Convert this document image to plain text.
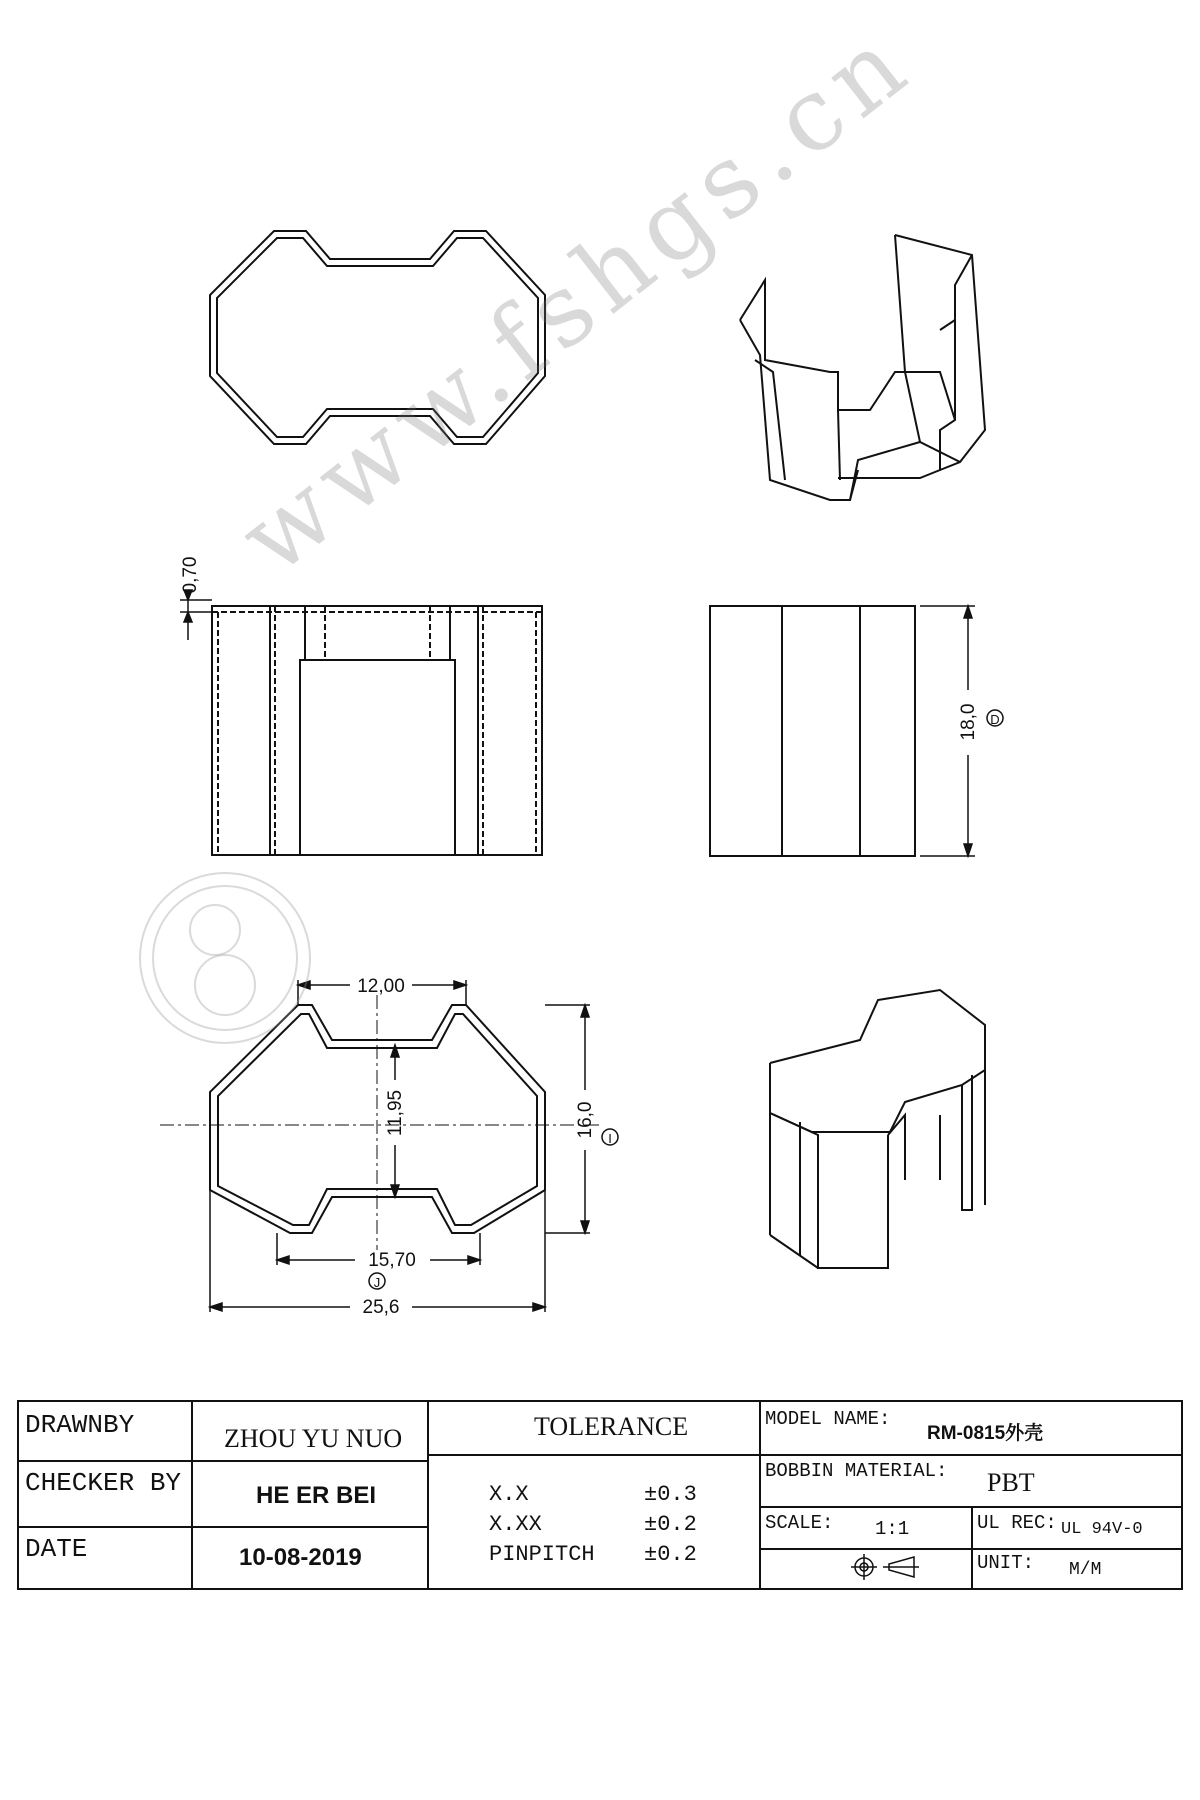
0,70
18,0
12,00
11,95	16,0
15,70
25,6
D
I
J
www.fshgs.cn
DRAWNBY	ZHOU YU NUO
CHECKER BY	HE ER BEI
DATE	10-08-2019
TOLERANCE
X.X	±0.3
X.XX	±0.2
PINPITCH ±0.2
MODEL NAME:
RM-0815外壳
BOBBIN MATERIAL: PBT
SCALE: 1:1	UL REC: UL 94V-0
UNIT: M/M
